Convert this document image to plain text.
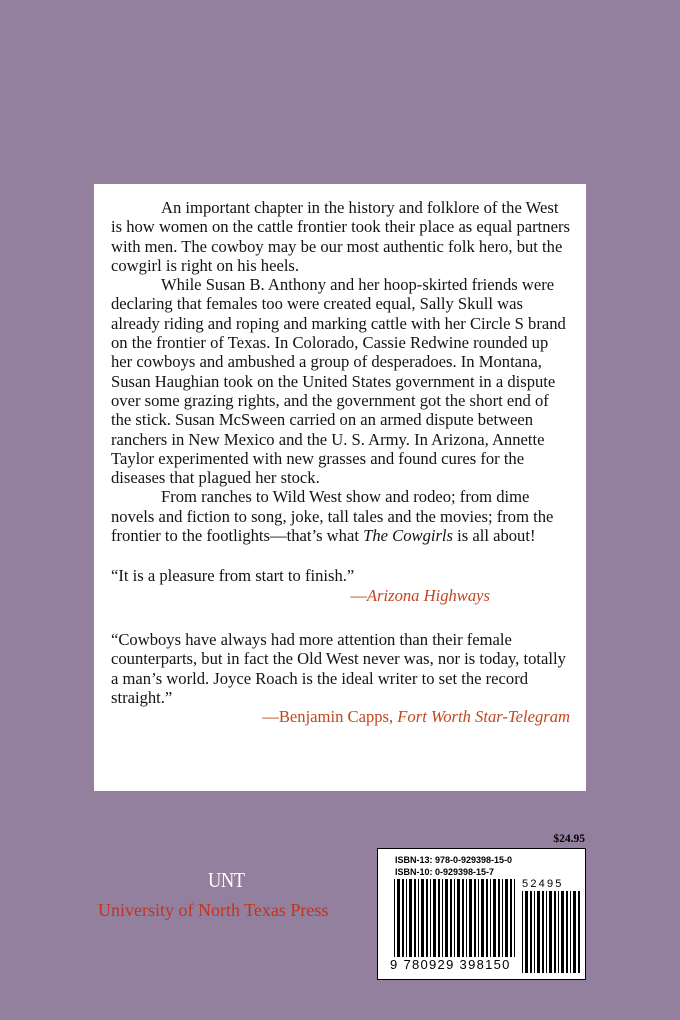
An important chapter in the history and folklore of the West is how women on the cattle frontier took their place as equal partners with men. The cowboy may be our most authentic folk hero, but the cowgirl is right on his heels.

While Susan B. Anthony and her hoop-skirted friends were declaring that females too were created equal, Sally Skull was already riding and roping and marking cattle with her Circle S brand on the frontier of Texas. In Colorado, Cassie Redwine rounded up her cowboys and ambushed a group of desperadoes. In Montana, Susan Haughian took on the United States government in a dispute over some grazing rights, and the government got the short end of the stick. Susan McSween carried on an armed dispute between ranchers in New Mexico and the U. S. Army. In Arizona, Annette Taylor experimented with new grasses and found cures for the diseases that plagued her stock.

From ranches to Wild West show and rodeo; from dime novels and fiction to song, joke, tall tales and the movies; from the frontier to the footlights—that’s what The Cowgirls is all about!

“It is a pleasure from start to finish.”
—Arizona Highways
“Cowboys have always had more attention than their female counterparts, but in fact the Old West never was, nor is today, totally a man’s world. Joyce Roach is the ideal writer to set the record straight.”
—Benjamin Capps, Fort Worth Star-Telegram
UNT
University of North Texas Press
$24.95
ISBN-13: 978-0-929398-15-0
ISBN-10: 0-929398-15-7
52495
9 780929 398150
